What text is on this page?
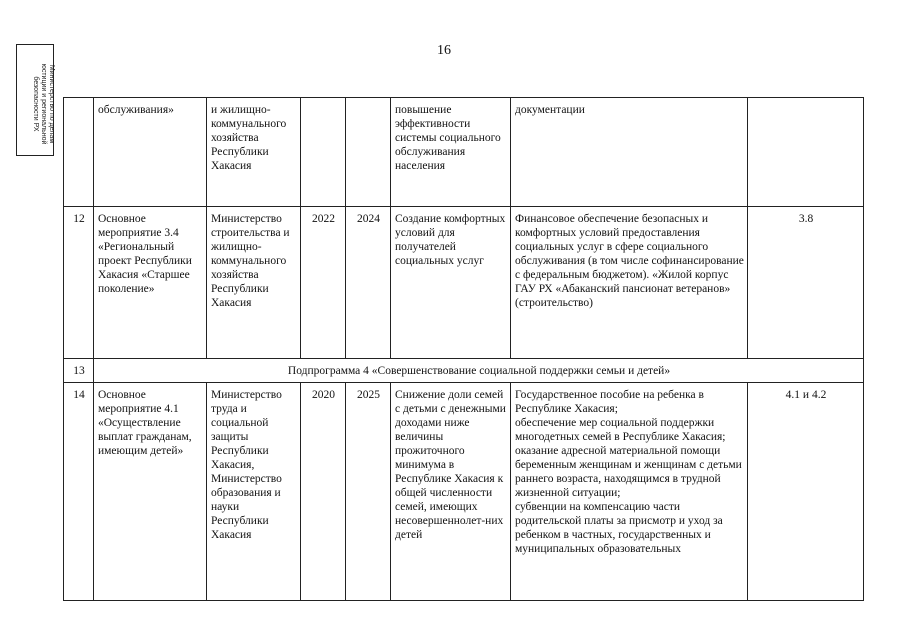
16
Министерство по делам
юстиции и региональной
безопасности РХ
		обслуживания»	и жилищно-коммунального хозяйства Республики Хакасия			повышение эффективности системы социального обслуживания населения	документации	
12	Основное мероприятие 3.4 «Региональный проект Республики Хакасия «Старшее поколение»	Министерство строительства и жилищно-коммунального хозяйства Республики Хакасия	2022	2024	Создание комфортных условий для получателей социальных услуг	Финансовое обеспечение безопасных и комфортных условий предоставления социальных услуг в сфере социального обслуживания (в том числе софинансирование с федеральным бюджетом). «Жилой корпус ГАУ РХ «Абаканский пансионат ветеранов» (строительство)	3.8
13	Подпрограмма 4 «Совершенствование социальной поддержки семьи и детей»						
14	Основное мероприятие 4.1 «Осуществление выплат гражданам, имеющим детей»	Министерство труда и социальной защиты Республики Хакасия, Министерство образования и науки Республики Хакасия	2020	2025	Снижение доли семей с детьми с денежными доходами ниже величины прожиточного минимума в Республике Хакасия к общей численности семей, имеющих несовершеннолет-них детей	Государственное пособие на ребенка в Республике Хакасия;
обеспечение мер социальной поддержки многодетных семей в Республике Хакасия;
оказание адресной материальной помощи беременным женщинам и женщинам с детьми раннего возраста, находящимся в трудной жизненной ситуации;
субвенции на компенсацию части родительской платы за присмотр и уход за ребенком в частных, государственных и муниципальных образовательных	4.1 и 4.2
